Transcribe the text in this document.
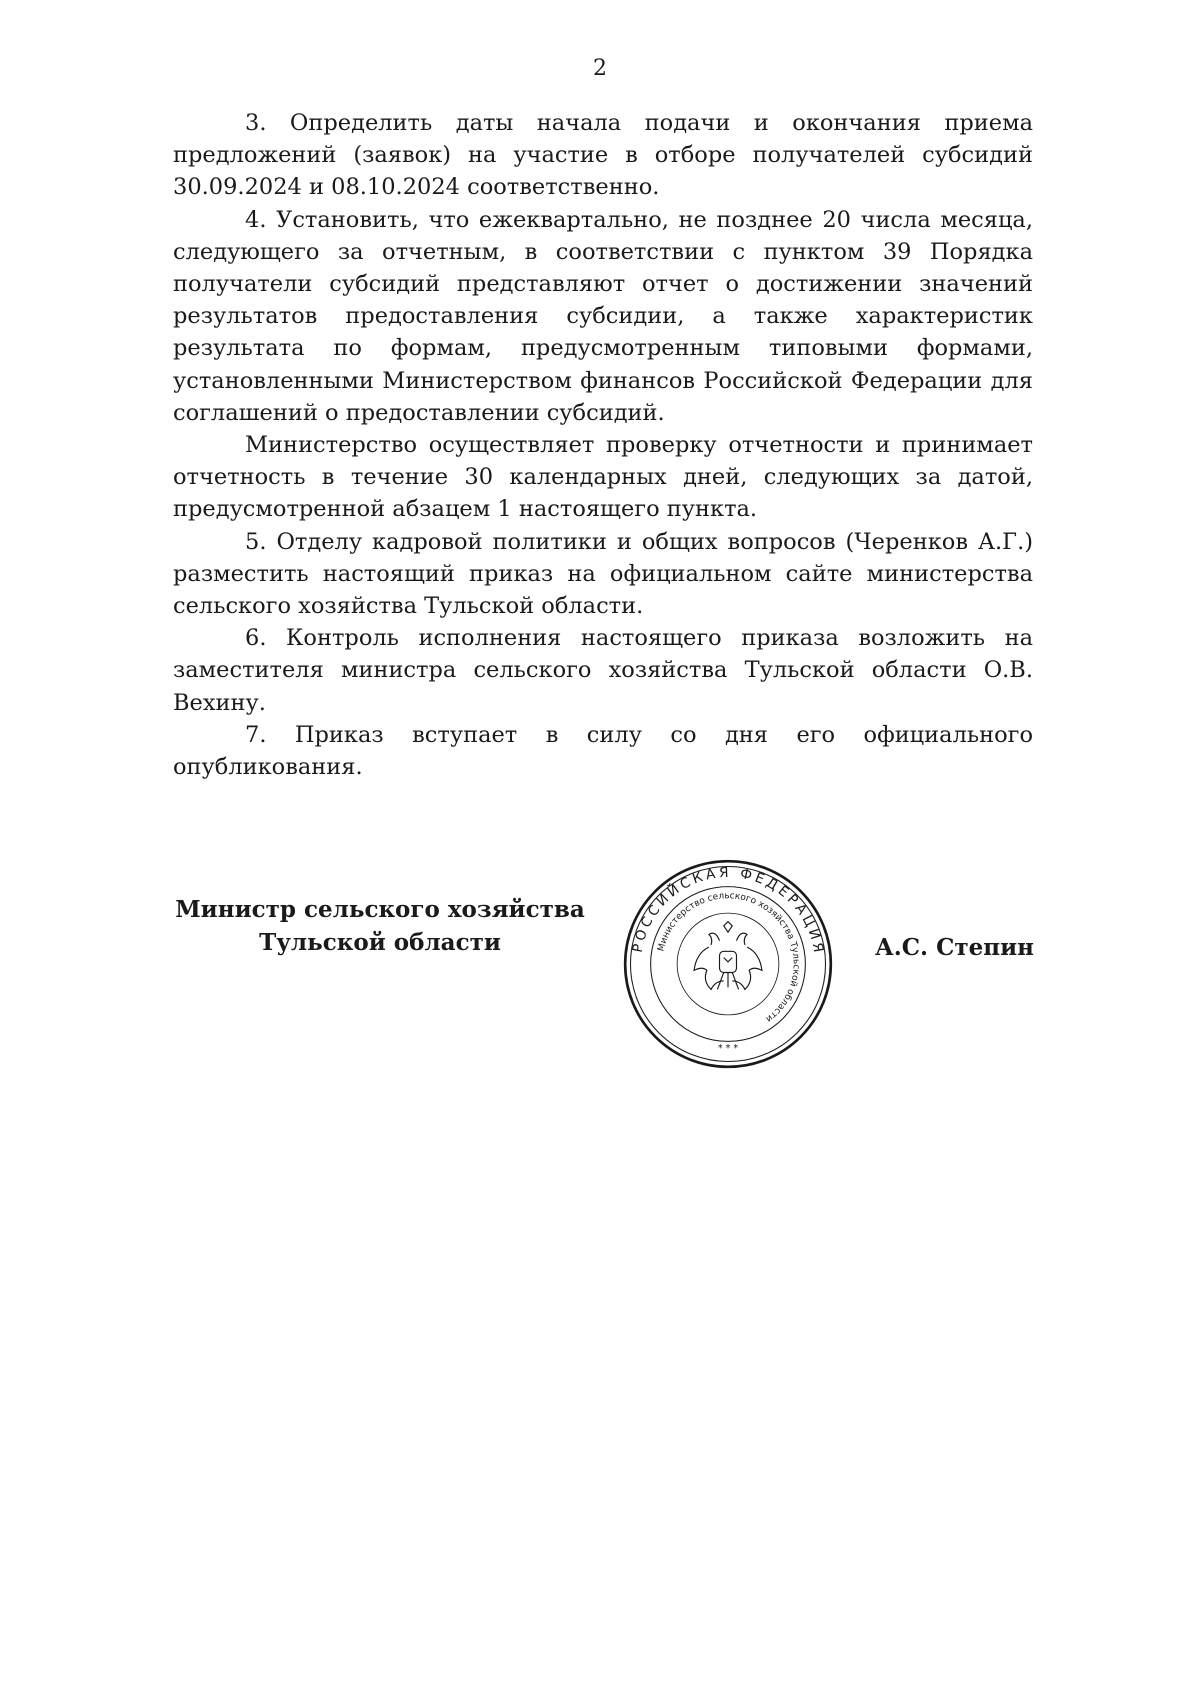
2

3. Определить даты начала подачи и окончания приема предложений (заявок) на участие в отборе получателей субсидий 30.09.2024 и 08.10.2024 соответственно.

4. Установить, что ежеквартально, не позднее 20 числа месяца, следующего за отчетным, в соответствии с пунктом 39 Порядка получатели субсидий представляют отчет о достижении значений результатов предоставления субсидии, а также характеристик результата по формам, предусмотренным типовыми формами, установленными Министерством финансов Российской Федерации для соглашений о предоставлении субсидий.

Министерство осуществляет проверку отчетности и принимает отчетность в течение 30 календарных дней, следующих за датой, предусмотренной абзацем 1 настоящего пункта.

5. Отделу кадровой политики и общих вопросов (Черенков А.Г.) разместить настоящий приказ на официальном сайте министерства сельского хозяйства Тульской области.

6. Контроль исполнения настоящего приказа возложить на заместителя министра сельского хозяйства Тульской области О.В. Вехину.

7. Приказ вступает в силу со дня его официального опубликования.

Министр сельского хозяйства
Тульской области	РОССИЙСКАЯ ФЕДЕРАЦИЯ
Министерство сельского хозяйства Тульской области
* * *
А.С. Степин
